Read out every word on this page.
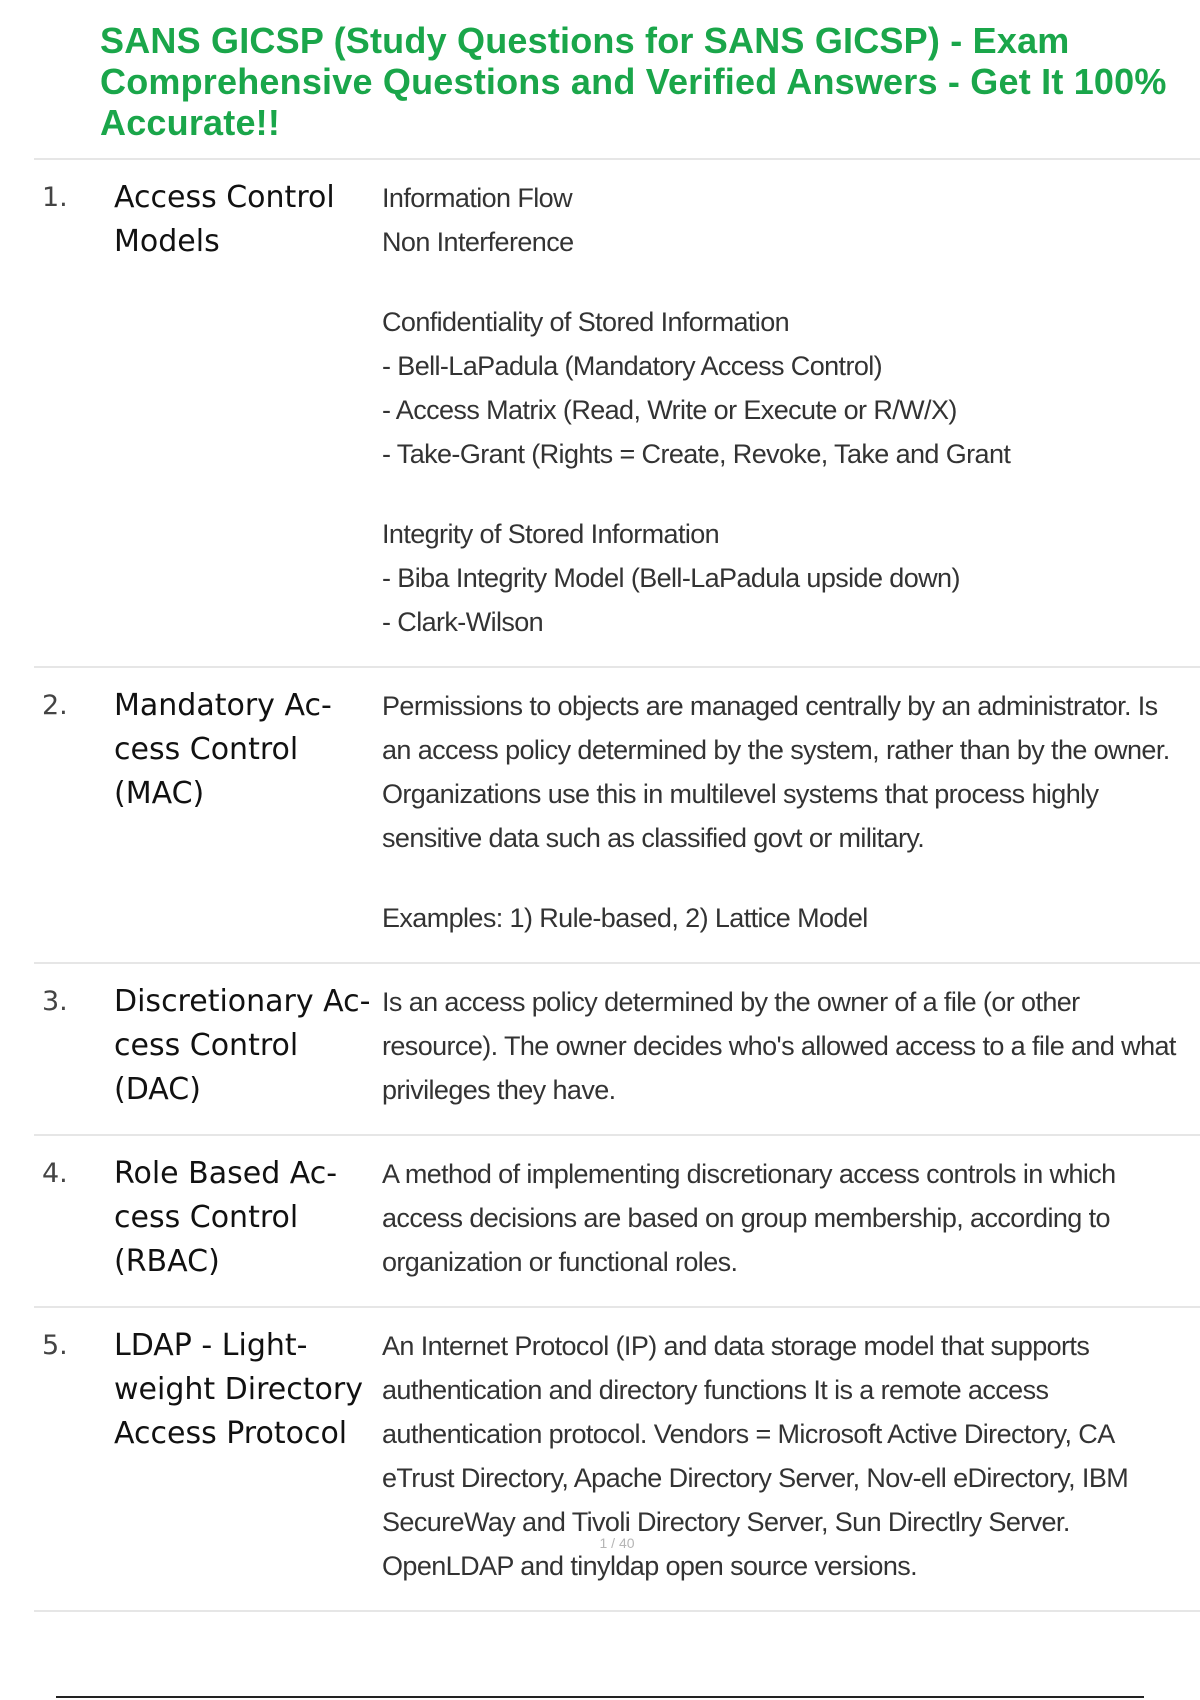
SANS GICSP (Study Questions for SANS GICSP) - Exam Comprehensive Questions and Verified Answers - Get It 100% Accurate!!
1.	Access Control Models

Information Flow

Non Interference

Confidentiality of Stored Information

- Bell-LaPadula (Mandatory Access Control)

- Access Matrix (Read, Write or Execute or R/W/X)

- Take-Grant (Rights = Create, Revoke, Take and Grant

Integrity of Stored Information

- Biba Integrity Model (Bell-LaPadula upside down)

- Clark-Wilson

2.	Mandatory Ac-cess Control (MAC)

Permissions to objects are managed centrally by an administrator. Is an access policy determined by the system, rather than by the owner. Organizations use this in multilevel systems that process highly sensitive data such as classified govt or military.

Examples: 1) Rule-based, 2) Lattice Model

3.	Discretionary Ac-cess Control (DAC)

Is an access policy determined by the owner of a file (or other resource). The owner decides who's allowed access to a file and what privileges they have.

4.	Role Based Ac-cess Control (RBAC)

A method of implementing discretionary access controls in which access decisions are based on group membership, according to organization or functional roles.

5.	LDAP - Light-weight Directory Access Protocol

An Internet Protocol (IP) and data storage model that supports authentication and directory functions It is a remote access authentication protocol. Vendors = Microsoft Active Directory, CA eTrust Directory, Apache Directory Server, Nov-ell eDirectory, IBM SecureWay and Tivoli Directory Server, Sun Directlry Server. OpenLDAP and tinyldap open source versions.

1 / 40
